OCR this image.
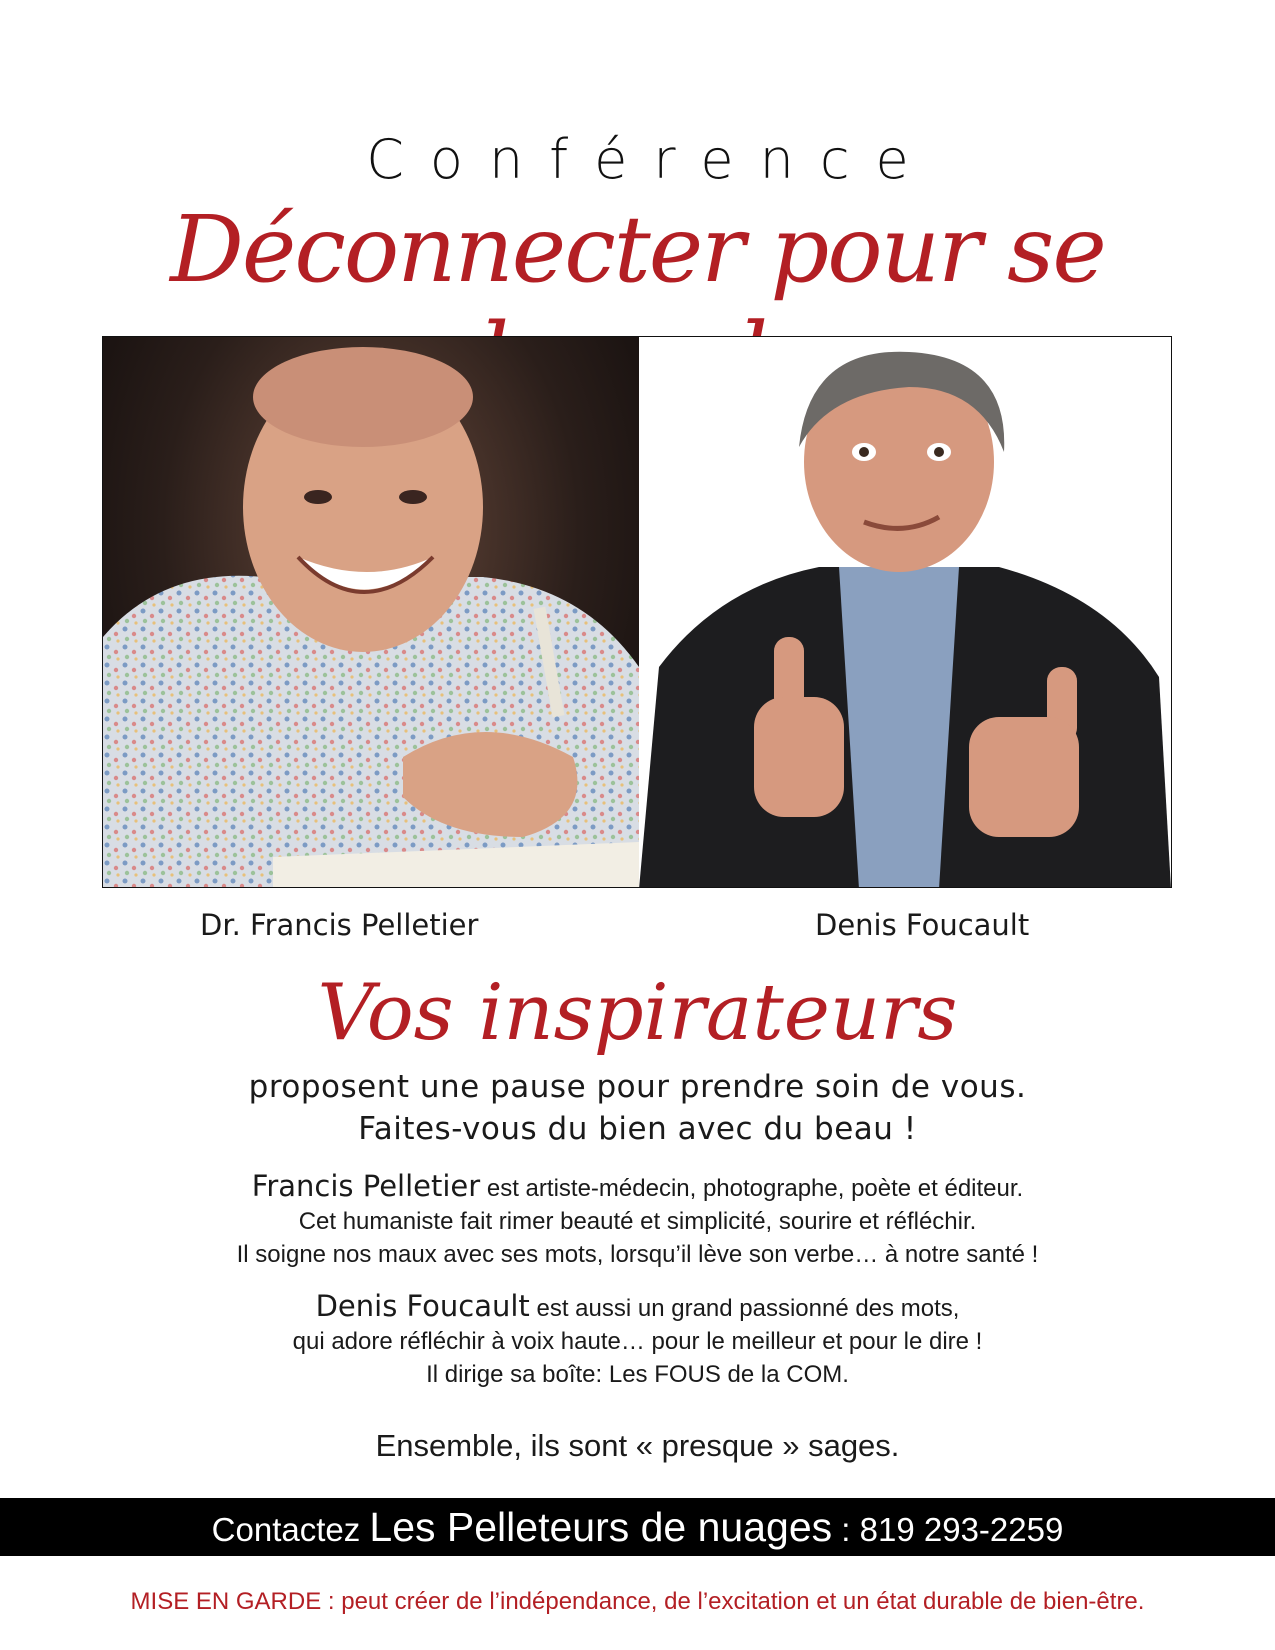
Conférence
Déconnecter pour se
Dr. Francis Pelletier	Denis Foucault
Vos inspirateurs
proposent une pause pour prendre soin de vous.
Faites-vous du bien avec du beau !
Francis Pelletier est artiste-médecin, photographe, poète et éditeur.
Cet humaniste fait rimer beauté et simplicité, sourire et réfléchir.
Il soigne nos maux avec ses mots, lorsqu’il lève son verbe… à notre santé !
Denis Foucault est aussi un grand passionné des mots,
qui adore réfléchir à voix haute… pour le meilleur et pour le dire !
Il dirige sa boîte: Les FOUS de la COM.
Ensemble, ils sont « presque » sages.
Contactez Les Pelleteurs de nuages : 819 293-2259
MISE EN GARDE : peut créer de l’indépendance, de l’excitation et un état durable de bien-être.
